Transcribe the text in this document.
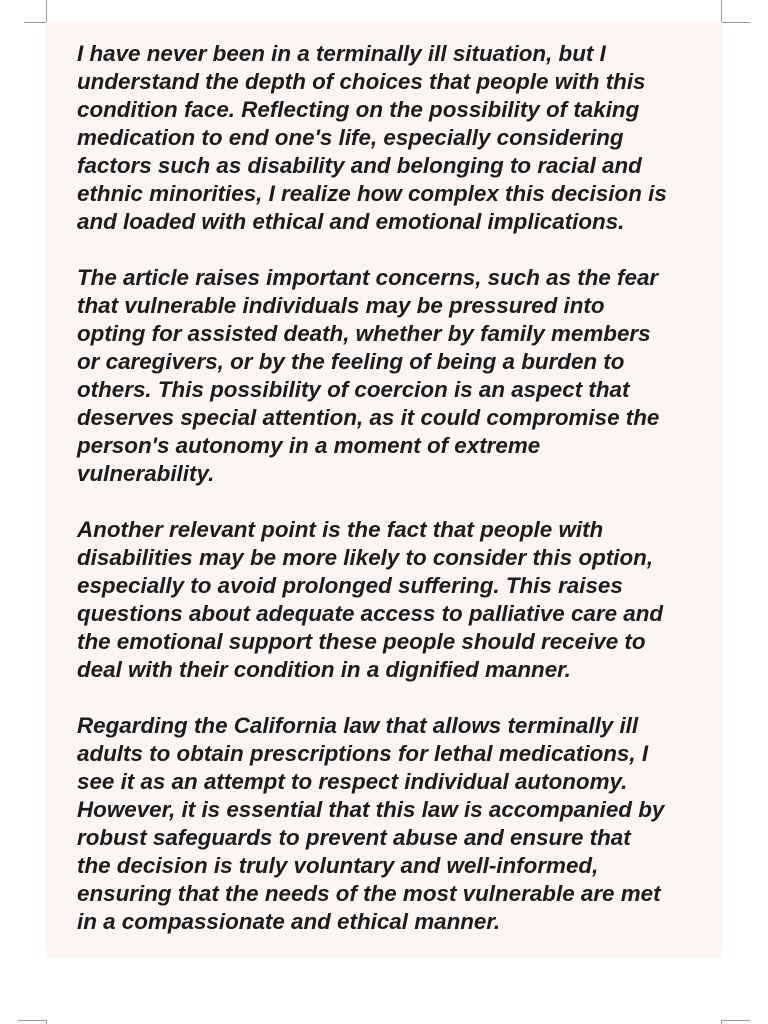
I have never been in a terminally ill situation, but I
understand the depth of choices that people with this
condition face. Reflecting on the possibility of taking
medication to end one's life, especially considering
factors such as disability and belonging to racial and
ethnic minorities, I realize how complex this decision is
and loaded with ethical and emotional implications.
The article raises important concerns, such as the fear
that vulnerable individuals may be pressured into
opting for assisted death, whether by family members
or caregivers, or by the feeling of being a burden to
others. This possibility of coercion is an aspect that
deserves special attention, as it could compromise the
person's autonomy in a moment of extreme
vulnerability.
Another relevant point is the fact that people with
disabilities may be more likely to consider this option,
especially to avoid prolonged suffering. This raises
questions about adequate access to palliative care and
the emotional support these people should receive to
deal with their condition in a dignified manner.
Regarding the California law that allows terminally ill
adults to obtain prescriptions for lethal medications, I
see it as an attempt to respect individual autonomy.
However, it is essential that this law is accompanied by
robust safeguards to prevent abuse and ensure that
the decision is truly voluntary and well-informed,
ensuring that the needs of the most vulnerable are met
in a compassionate and ethical manner.
